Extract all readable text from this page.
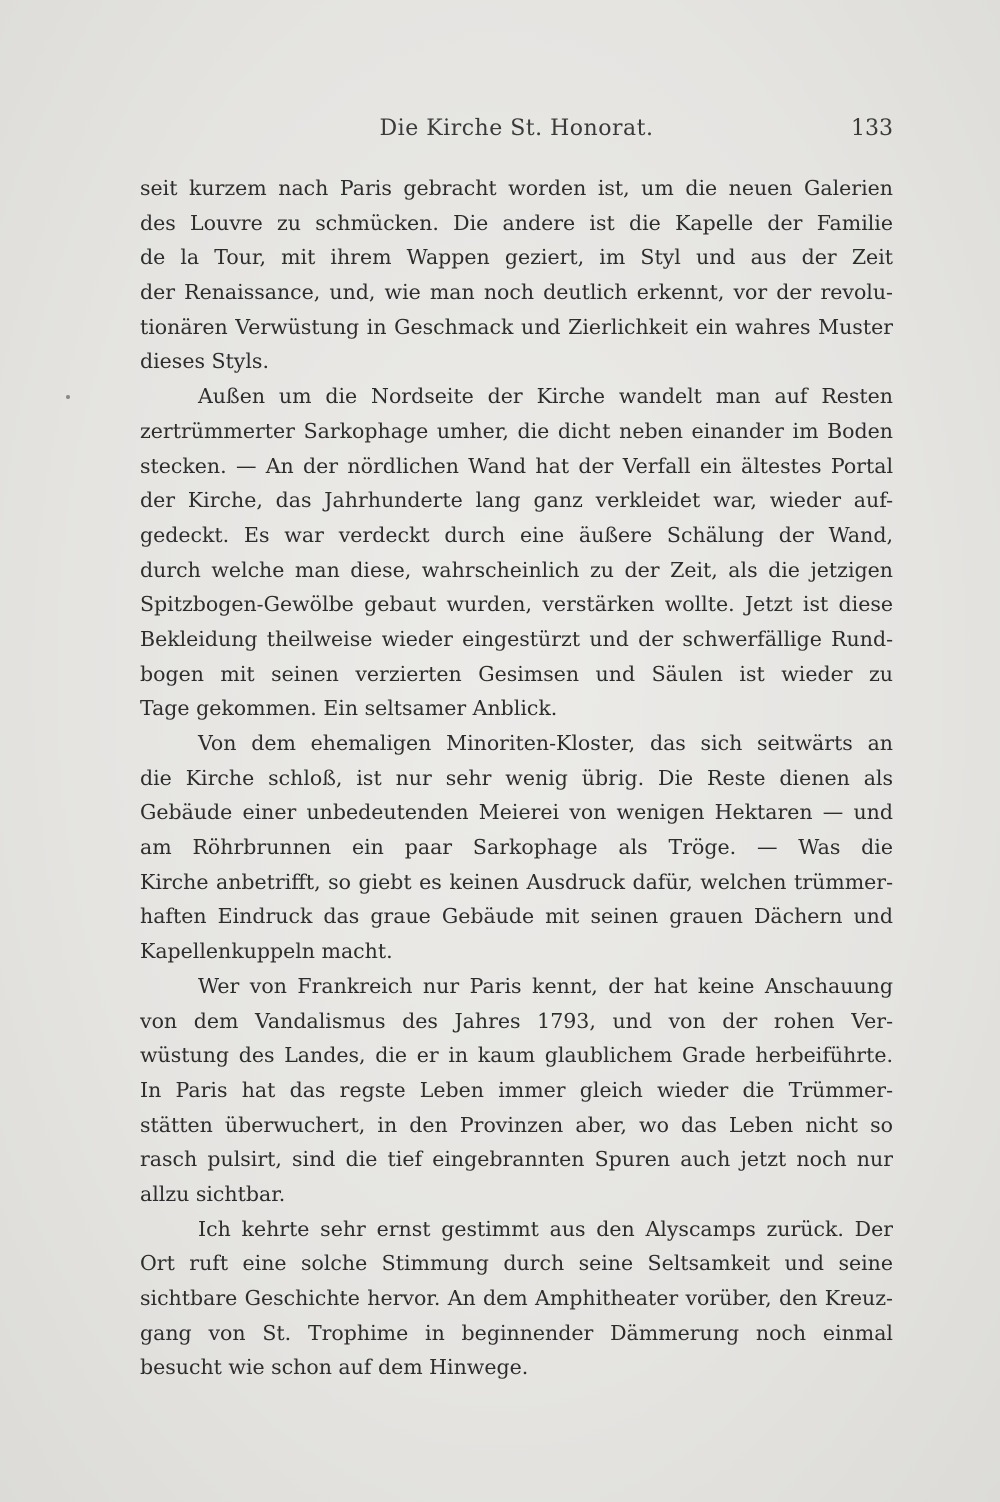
Die Kirche St. Honorat.	133
seit kurzem nach Paris gebracht worden ist, um die neuen Galerien
des Louvre zu schmücken. Die andere ist die Kapelle der Familie
de la Tour, mit ihrem Wappen geziert, im Styl und aus der Zeit
der Renaissance, und, wie man noch deutlich erkennt, vor der revolu-
tionären Verwüstung in Geschmack und Zierlichkeit ein wahres Muster
dieses Styls.
Außen um die Nordseite der Kirche wandelt man auf Resten
zertrümmerter Sarkophage umher, die dicht neben einander im Boden
stecken. — An der nördlichen Wand hat der Verfall ein ältestes Portal
der Kirche, das Jahrhunderte lang ganz verkleidet war, wieder auf-
gedeckt. Es war verdeckt durch eine äußere Schälung der Wand,
durch welche man diese, wahrscheinlich zu der Zeit, als die jetzigen
Spitzbogen-Gewölbe gebaut wurden, verstärken wollte. Jetzt ist diese
Bekleidung theilweise wieder eingestürzt und der schwerfällige Rund-
bogen mit seinen verzierten Gesimsen und Säulen ist wieder zu
Tage gekommen. Ein seltsamer Anblick.
Von dem ehemaligen Minoriten-Kloster, das sich seitwärts an
die Kirche schloß, ist nur sehr wenig übrig. Die Reste dienen als
Gebäude einer unbedeutenden Meierei von wenigen Hektaren — und
am Röhrbrunnen ein paar Sarkophage als Tröge. — Was die
Kirche anbetrifft, so giebt es keinen Ausdruck dafür, welchen trümmer-
haften Eindruck das graue Gebäude mit seinen grauen Dächern und
Kapellenkuppeln macht.
Wer von Frankreich nur Paris kennt, der hat keine Anschauung
von dem Vandalismus des Jahres 1793, und von der rohen Ver-
wüstung des Landes, die er in kaum glaublichem Grade herbeiführte.
In Paris hat das regste Leben immer gleich wieder die Trümmer-
stätten überwuchert, in den Provinzen aber, wo das Leben nicht so
rasch pulsirt, sind die tief eingebrannten Spuren auch jetzt noch nur
allzu sichtbar.
Ich kehrte sehr ernst gestimmt aus den Alyscamps zurück. Der
Ort ruft eine solche Stimmung durch seine Seltsamkeit und seine
sichtbare Geschichte hervor. An dem Amphitheater vorüber, den Kreuz-
gang von St. Trophime in beginnender Dämmerung noch einmal
besucht wie schon auf dem Hinwege.
